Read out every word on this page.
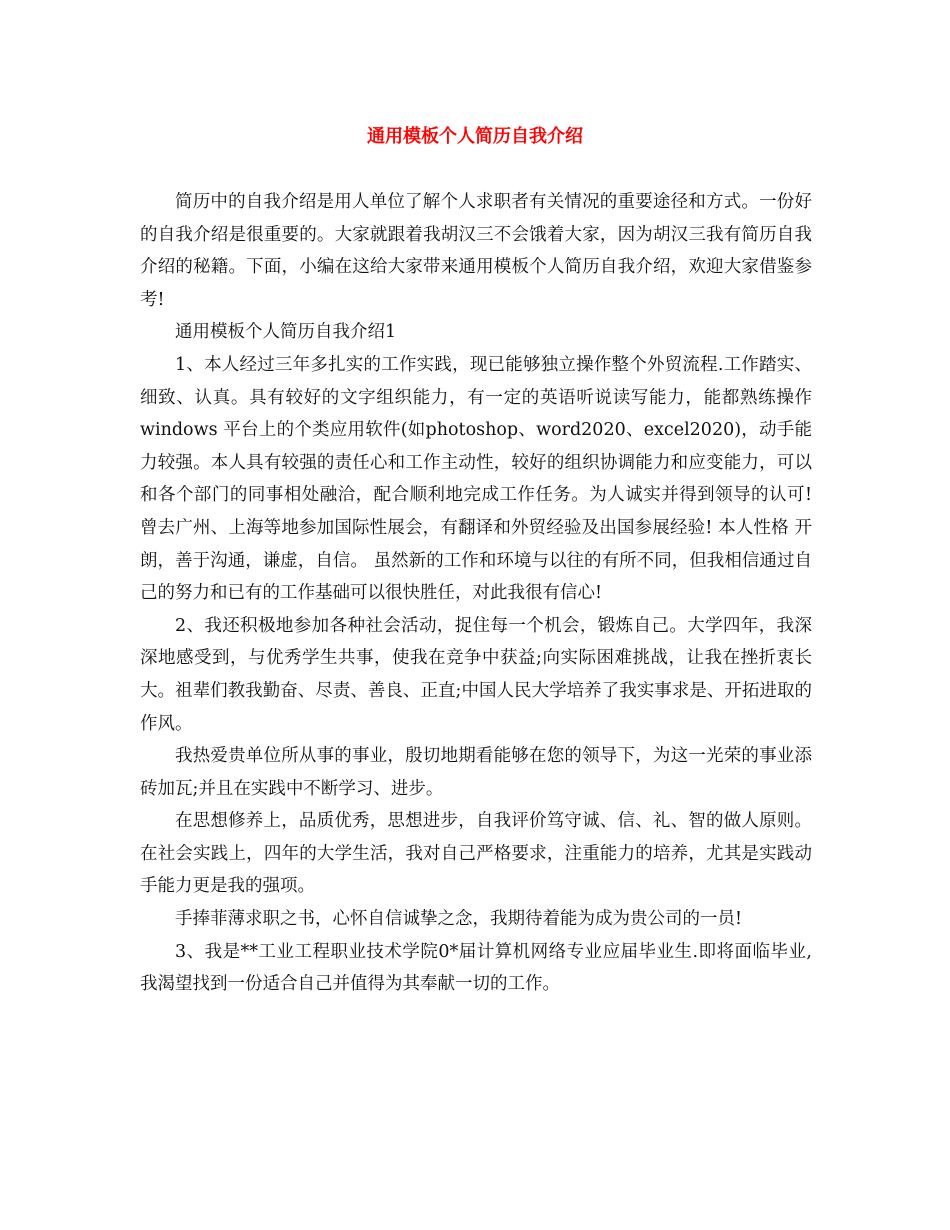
通用模板个人简历自我介绍

简历中的自我介绍是用人单位了解个人求职者有关情况的重要途径和方式。一份好的自我介绍是很重要的。大家就跟着我胡汉三不会饿着大家，因为胡汉三我有简历自我介绍的秘籍。下面，小编在这给大家带来通用模板个人简历自我介绍，欢迎大家借鉴参考!

通用模板个人简历自我介绍1

1、本人经过三年多扎实的工作实践，现已能够独立操作整个外贸流程.工作踏实、细致、认真。具有较好的文字组织能力，有一定的英语听说读写能力，能都熟练操作windows 平台上的个类应用软件(如photoshop、word2020、excel2020)，动手能力较强。本人具有较强的责任心和工作主动性，较好的组织协调能力和应变能力，可以和各个部门的同事相处融洽，配合顺利地完成工作任务。为人诚实并得到领导的认可! 曾去广州、上海等地参加国际性展会，有翻译和外贸经验及出国参展经验! 本人性格 开朗，善于沟通，谦虚，自信。 虽然新的工作和环境与以往的有所不同，但我相信通过自己的努力和已有的工作基础可以很快胜任，对此我很有信心!

2、我还积极地参加各种社会活动，捉住每一个机会，锻炼自己。大学四年，我深深地感受到，与优秀学生共事，使我在竞争中获益;向实际困难挑战，让我在挫折衷长大。祖辈们教我勤奋、尽责、善良、正直;中国人民大学培养了我实事求是、开拓进取的作风。

我热爱贵单位所从事的事业，殷切地期看能够在您的领导下，为这一光荣的事业添砖加瓦;并且在实践中不断学习、进步。

在思想修养上，品质优秀，思想进步，自我评价笃守诚、信、礼、智的做人原则。在社会实践上，四年的大学生活，我对自己严格要求，注重能力的培养，尤其是实践动手能力更是我的强项。

手捧菲薄求职之书，心怀自信诚挚之念，我期待着能为成为贵公司的一员!

3、我是**工业工程职业技术学院0*届计算机网络专业应届毕业生.即将面临毕业,我渴望找到一份适合自己并值得为其奉献一切的工作。
